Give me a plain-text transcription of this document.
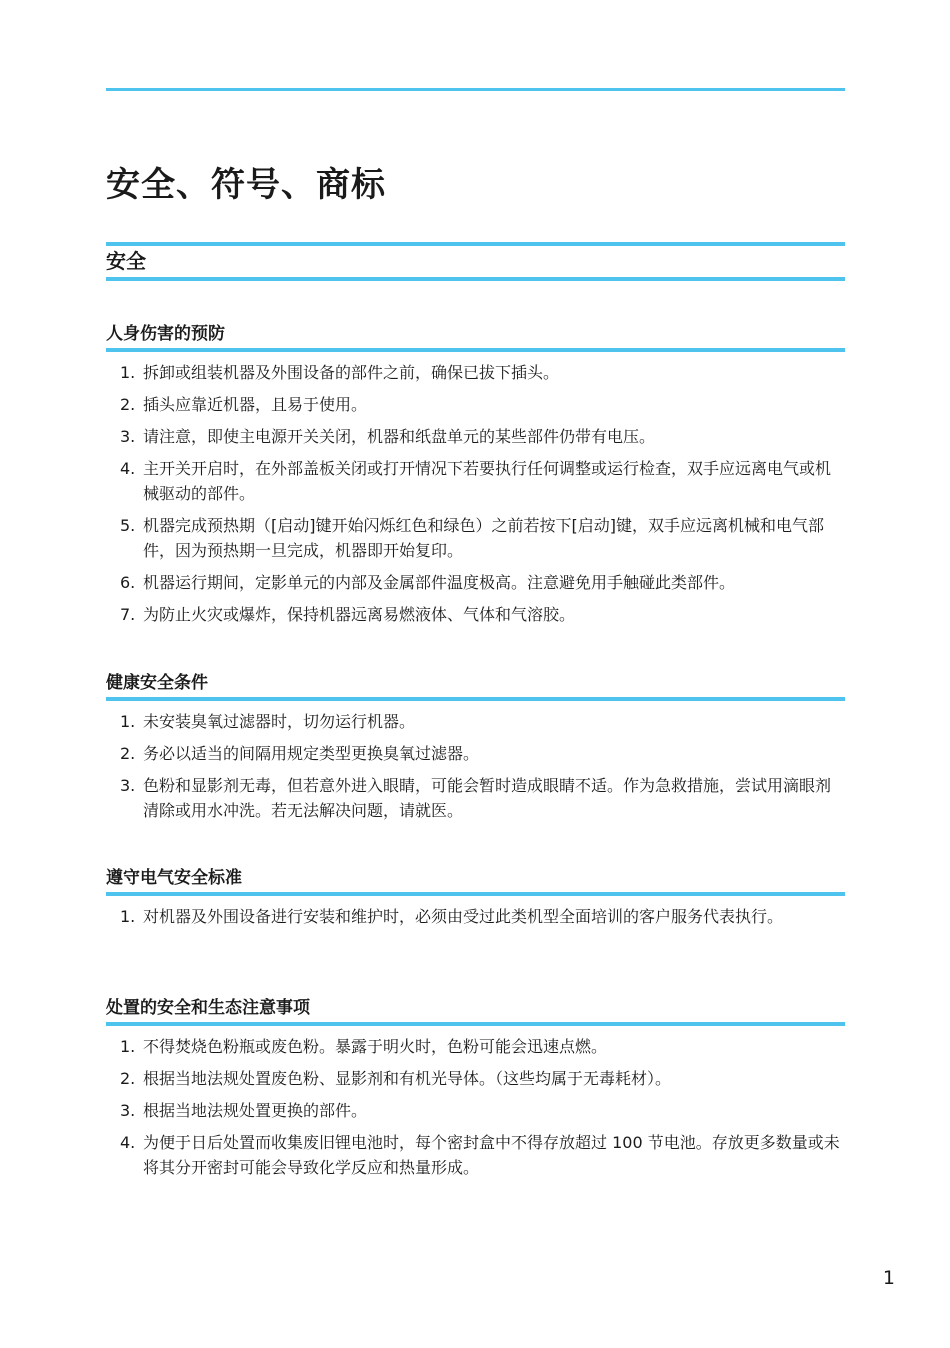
安全、符号、商标
安全
人身伤害的预防
1. 拆卸或组装机器及外围设备的部件之前，确保已拔下插头。
2. 插头应靠近机器，且易于使用。
3. 请注意，即使主电源开关关闭，机器和纸盘单元的某些部件仍带有电压。
4. 主开关开启时，在外部盖板关闭或打开情况下若要执行任何调整或运行检查，双手应远离电气或机械驱动的部件。
5. 机器完成预热期（[启动]键开始闪烁红色和绿色）之前若按下[启动]键，双手应远离机械和电气部件，因为预热期一旦完成，机器即开始复印。
6. 机器运行期间，定影单元的内部及金属部件温度极高。注意避免用手触碰此类部件。
7. 为防止火灾或爆炸，保持机器远离易燃液体、气体和气溶胶。
健康安全条件
1. 未安装臭氧过滤器时，切勿运行机器。
2. 务必以适当的间隔用规定类型更换臭氧过滤器。
3. 色粉和显影剂无毒，但若意外进入眼睛，可能会暂时造成眼睛不适。作为急救措施，尝试用滴眼剂清除或用水冲洗。若无法解决问题，请就医。
遵守电气安全标准
1. 对机器及外围设备进行安装和维护时，必须由受过此类机型全面培训的客户服务代表执行。
处置的安全和生态注意事项
1. 不得焚烧色粉瓶或废色粉。暴露于明火时，色粉可能会迅速点燃。
2. 根据当地法规处置废色粉、显影剂和有机光导体。（这些均属于无毒耗材）。
3. 根据当地法规处置更换的部件。
4. 为便于日后处置而收集废旧锂电池时，每个密封盒中不得存放超过 100 节电池。存放更多数量或未将其分开密封可能会导致化学反应和热量形成。
1
